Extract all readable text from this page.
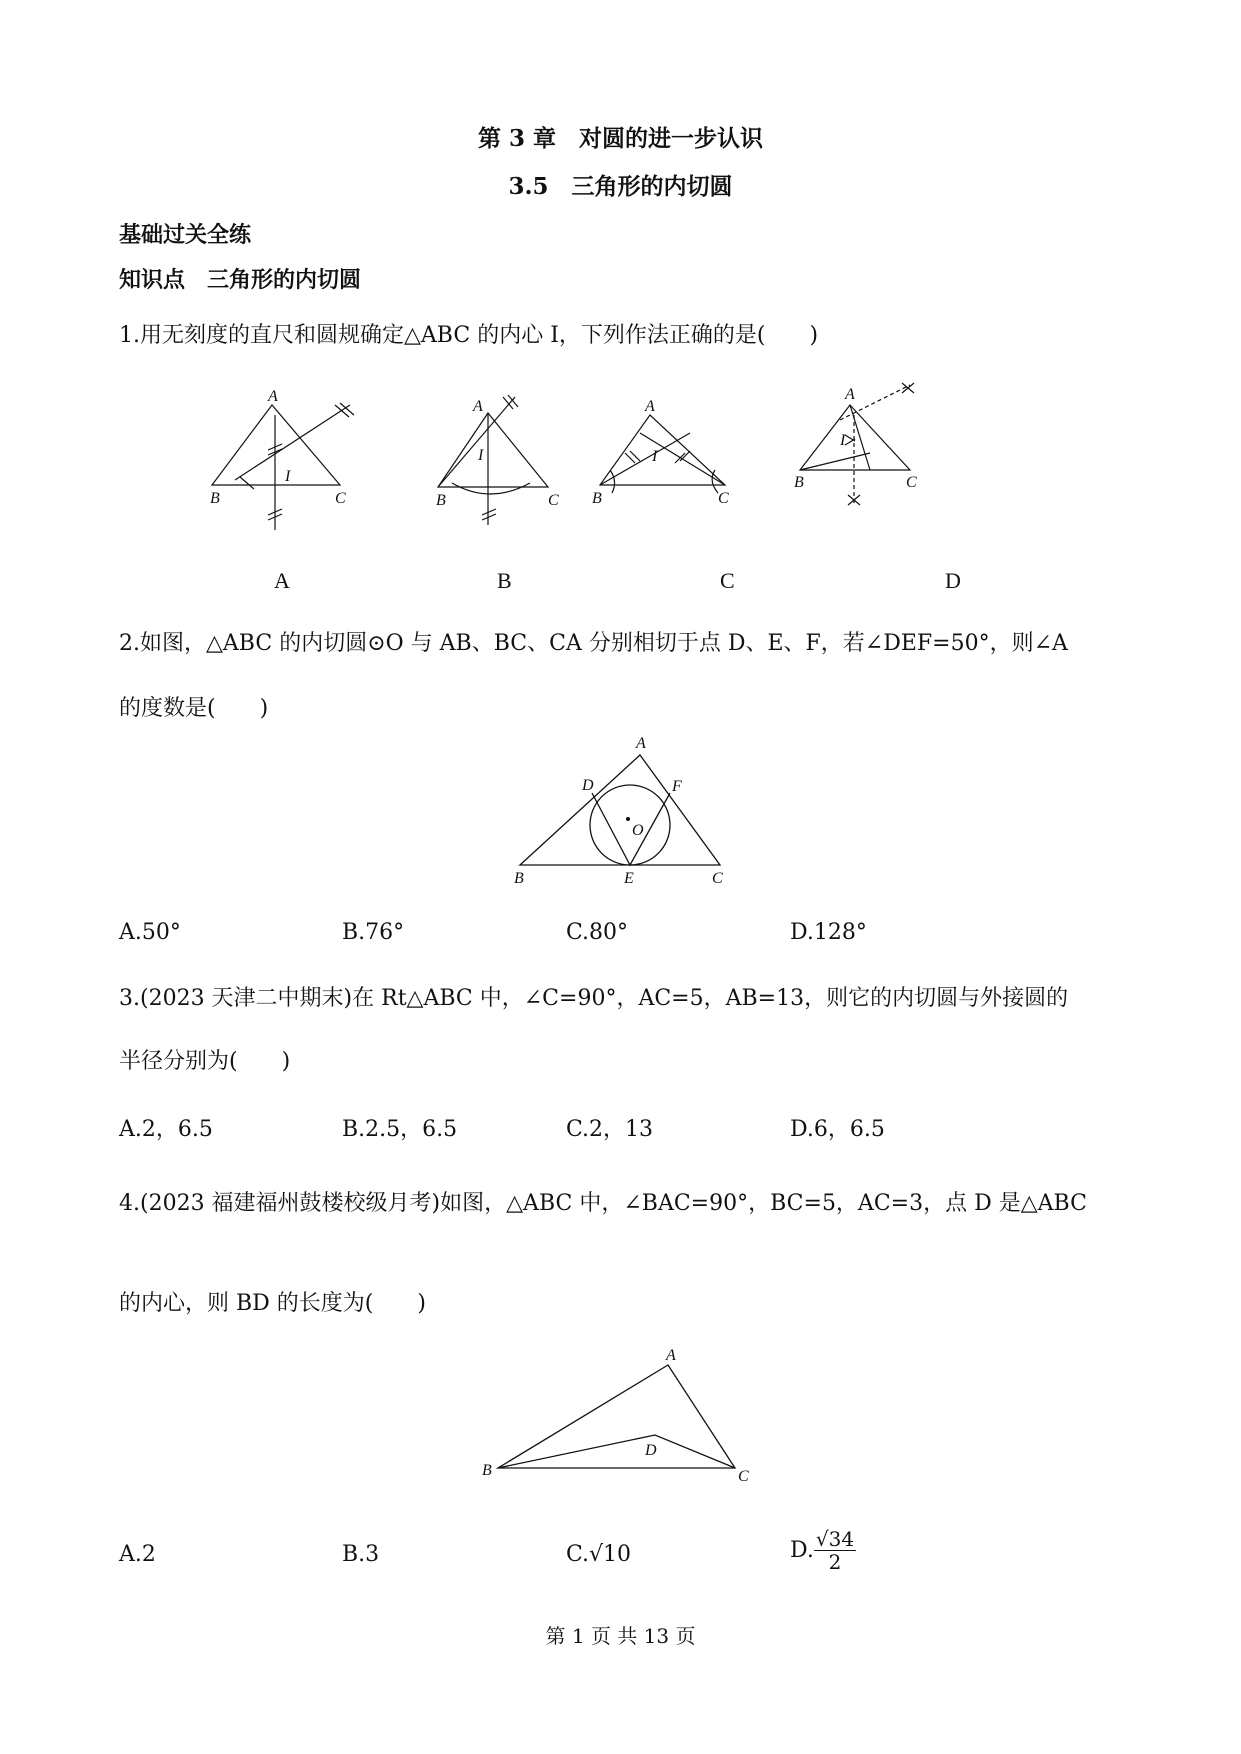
第 3 章　对圆的进一步认识
3.5　三角形的内切圆
基础过关全练
知识点　三角形的内切圆
1.用无刻度的直尺和圆规确定△ABC 的内心 I，下列作法正确的是(　　)
A
B	C
I
A
B	C
I
A
B	C
I
A
B	C
I
A	B	C	D
2.如图，△ABC 的内切圆⊙O 与 AB、BC、CA 分别相切于点 D、E、F，若∠DEF=50°，则∠A
的度数是(　　)
A
D	F
O
B	E	C
A.50°	B.76°	C.80°	D.128°
3.(2023 天津二中期末)在 Rt△ABC 中，∠C=90°，AC=5，AB=13，则它的内切圆与外接圆的
半径分别为(　　)
A.2，6.5	B.2.5，6.5	C.2，13	D.6，6.5
4.(2023 福建福州鼓楼校级月考)如图，△ABC 中，∠BAC=90°，BC=5，AC=3，点 D 是△ABC
的内心，则 BD 的长度为(　　)
A
D
B	C
A.2	B.3	C.√10	D. $\frac{√34}{2}$
第 1 页 共 13 页
